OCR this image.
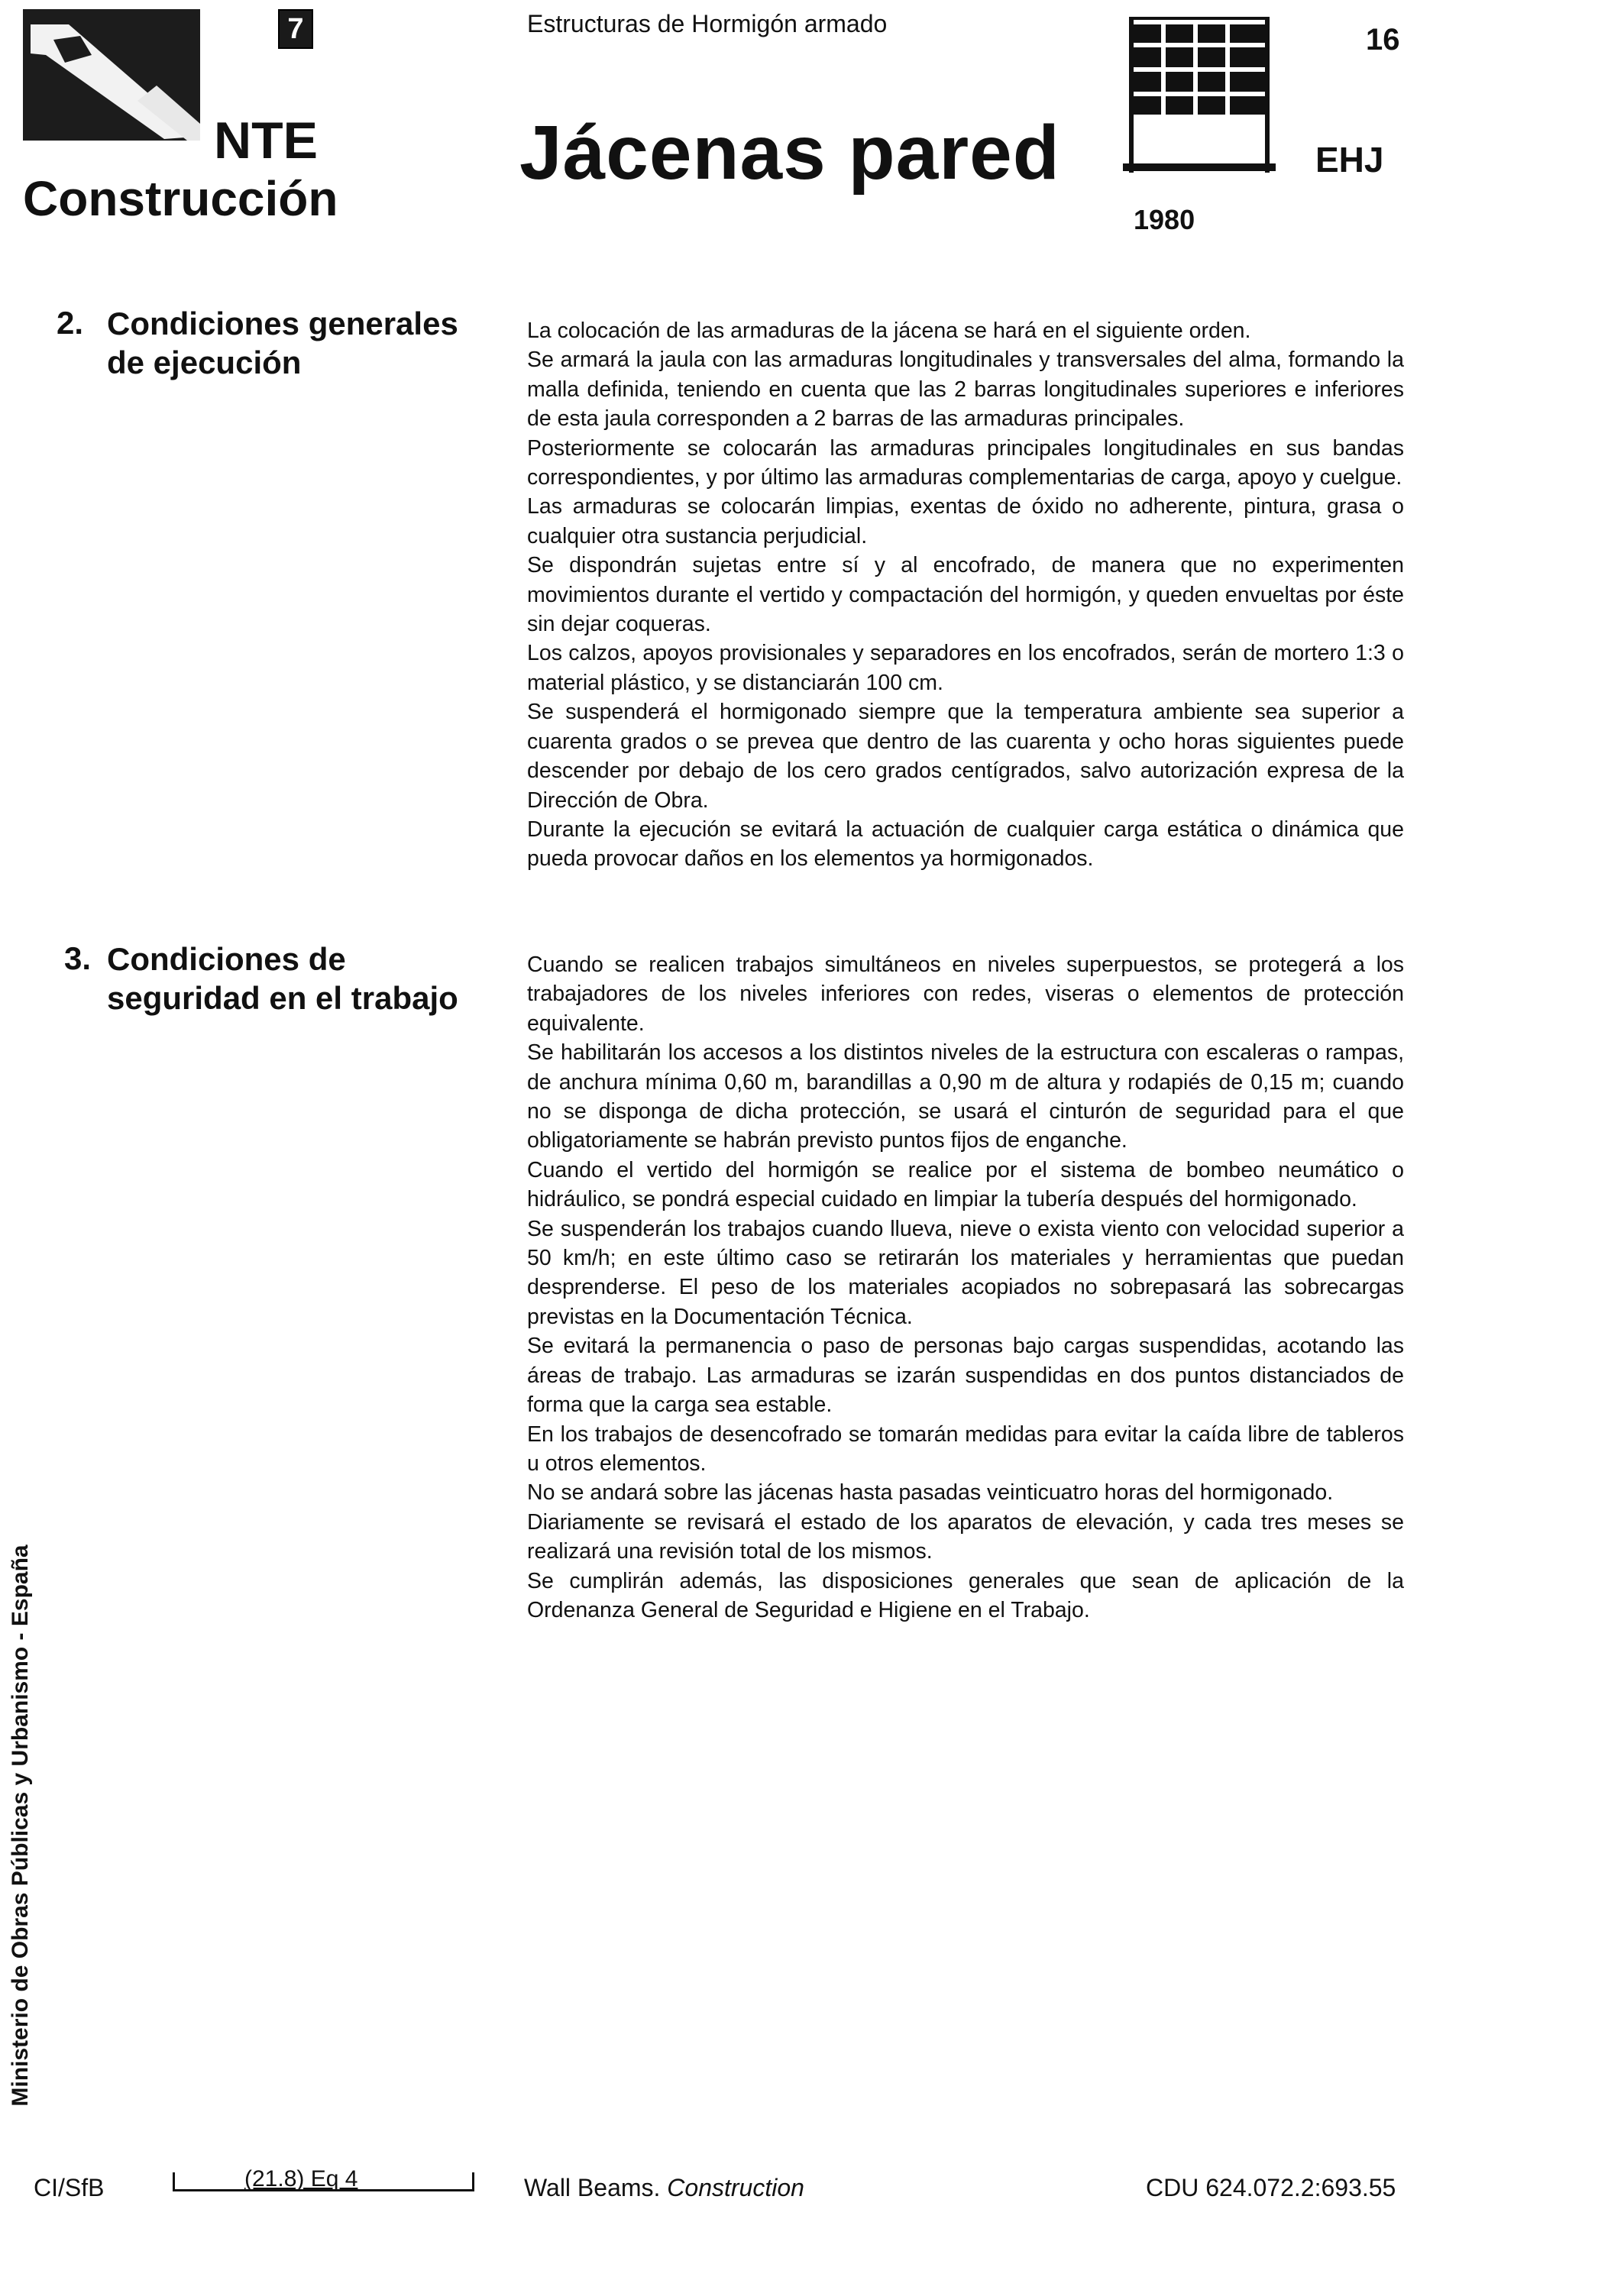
7
NTE
Construcción
Estructuras de Hormigón armado
Jácenas pared
16
EHJ
1980
2. Condiciones generales
de ejecución

La colocación de las armaduras de la jácena se hará en el siguiente orden.

Se armará la jaula con las armaduras longitudinales y transversales del alma, formando la malla definida, teniendo en cuenta que las 2 barras longitudinales superiores e inferiores de esta jaula corresponden a 2 barras de las armaduras principales.

Posteriormente se colocarán las armaduras principales longitudinales en sus bandas correspondientes, y por último las armaduras complementarias de carga, apoyo y cuelgue.

Las armaduras se colocarán limpias, exentas de óxido no adherente, pintura, grasa o cualquier otra sustancia perjudicial.

Se dispondrán sujetas entre sí y al encofrado, de manera que no experimenten movimientos durante el vertido y compactación del hormigón, y queden envueltas por éste sin dejar coqueras.

Los calzos, apoyos provisionales y separadores en los encofrados, serán de mortero 1:3 o material plástico, y se distanciarán 100 cm.

Se suspenderá el hormigonado siempre que la temperatura ambiente sea superior a cuarenta grados o se prevea que dentro de las cuarenta y ocho horas siguientes puede descender por debajo de los cero grados centígrados, salvo autorización expresa de la Dirección de Obra.

Durante la ejecución se evitará la actuación de cualquier carga estática o dinámica que pueda provocar daños en los elementos ya hormigonados.

3. Condiciones de
seguridad en el trabajo

Cuando se realicen trabajos simultáneos en niveles superpuestos, se protegerá a los trabajadores de los niveles inferiores con redes, viseras o elementos de protección equivalente.

Se habilitarán los accesos a los distintos niveles de la estructura con escaleras o rampas, de anchura mínima 0,60 m, barandillas a 0,90 m de altura y rodapiés de 0,15 m; cuando no se disponga de dicha protección, se usará el cinturón de seguridad para el que obligatoriamente se habrán previsto puntos fijos de enganche.

Cuando el vertido del hormigón se realice por el sistema de bombeo neumático o hidráulico, se pondrá especial cuidado en limpiar la tubería después del hormigonado.

Se suspenderán los trabajos cuando llueva, nieve o exista viento con velocidad superior a 50 km/h; en este último caso se retirarán los materiales y herramientas que puedan desprenderse. El peso de los materiales acopiados no sobrepasará las sobrecargas previstas en la Documentación Técnica.

Se evitará la permanencia o paso de personas bajo cargas suspendidas, acotando las áreas de trabajo. Las armaduras se izarán suspendidas en dos puntos distanciados de forma que la carga sea estable.

En los trabajos de desencofrado se tomarán medidas para evitar la caída libre de tableros u otros elementos.

No se andará sobre las jácenas hasta pasadas veinticuatro horas del hormigonado.

Diariamente se revisará el estado de los aparatos de elevación, y cada tres meses se realizará una revisión total de los mismos.

Se cumplirán además, las disposiciones generales que sean de aplicación de la Ordenanza General de Seguridad e Higiene en el Trabajo.

Ministerio de Obras Públicas y Urbanismo - España
CI/SfB	(21.8) Eq 4	Wall Beams. Construction	CDU 624.072.2:693.55
